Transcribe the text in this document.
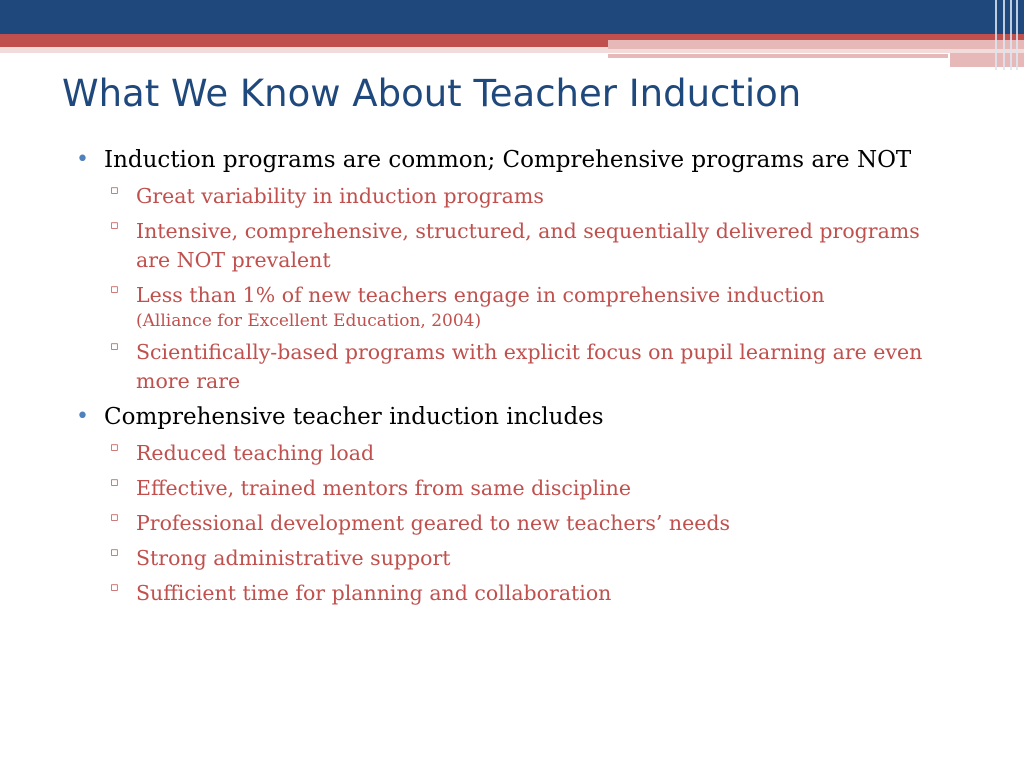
What We Know About Teacher Induction
• Induction programs are common; Comprehensive programs are NOT
▫ Great variability in induction programs
▫ Intensive, comprehensive, structured, and sequentially delivered programs are NOT prevalent
▫ Less than 1% of new teachers engage in comprehensive induction
(Alliance for Excellent Education, 2004)
▫ Scientifically-based programs with explicit focus on pupil learning are even more rare
• Comprehensive teacher induction includes
▫ Reduced teaching load
▫ Effective, trained mentors from same discipline
▫ Professional development geared to new teachers’ needs
▫ Strong administrative support
▫ Sufficient time for planning and collaboration
